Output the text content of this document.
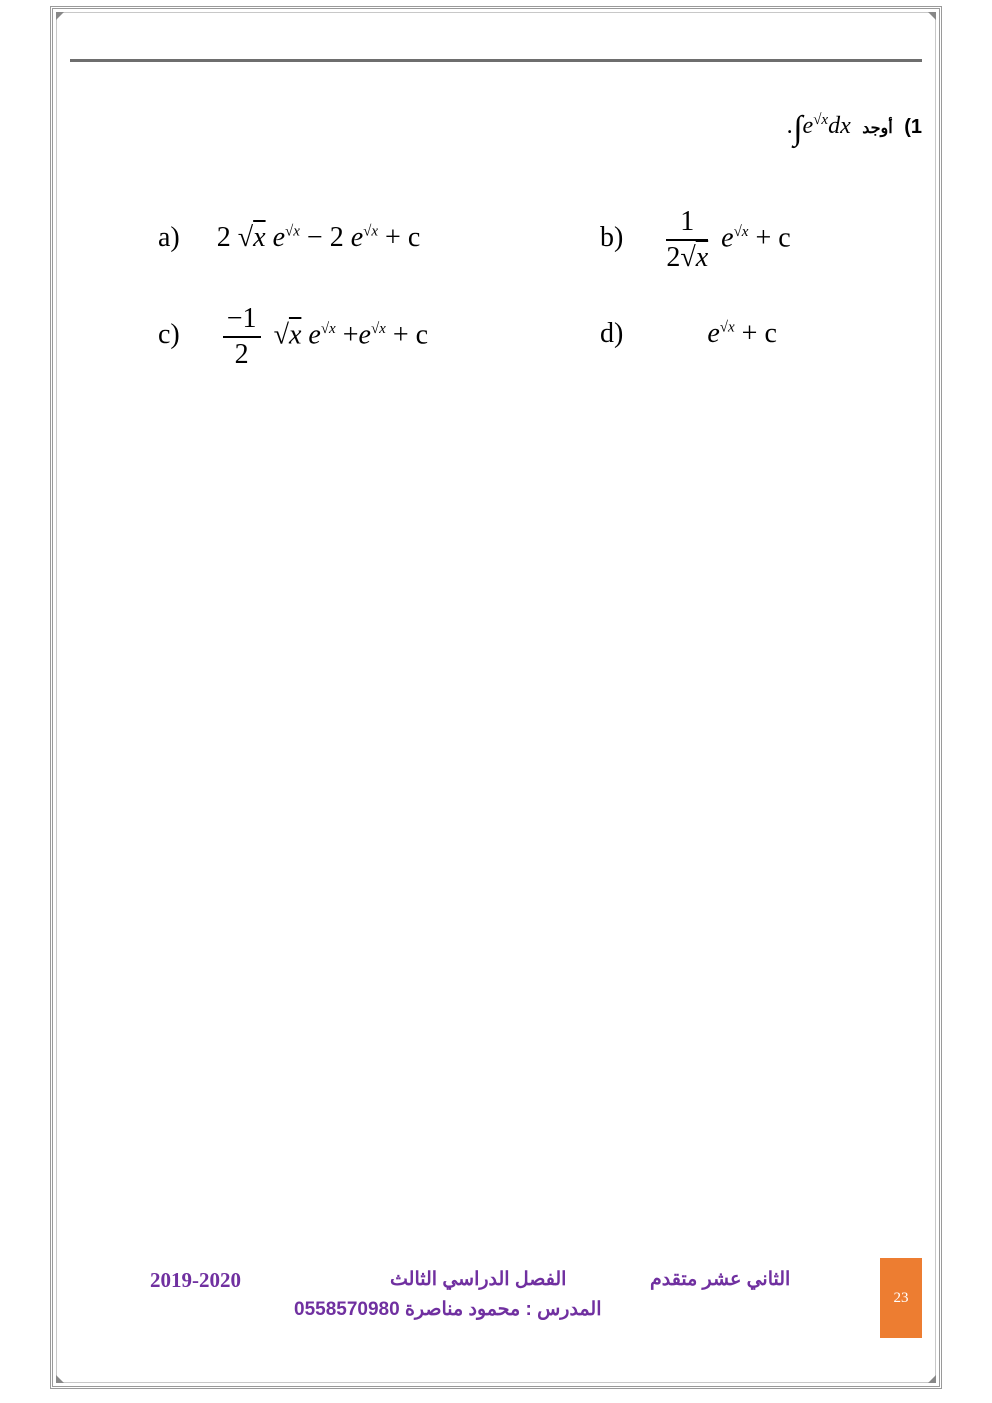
1) أوجد $.\int e^{√x}dx$
a) 2 √x $e^{√x} - 2$ $e^{√x} + c$	$b) \frac{1}{2√x} e^{√x} + c$
$c) \frac{-1}{2} √x$ $e^{√x} +e^{√x} + c$	d)	$e^{√x} + c$
الثاني عشر متقدم
الفصل الدراسي الثالث
2019-2020
المدرس : محمود مناصرة 0558570980
23
